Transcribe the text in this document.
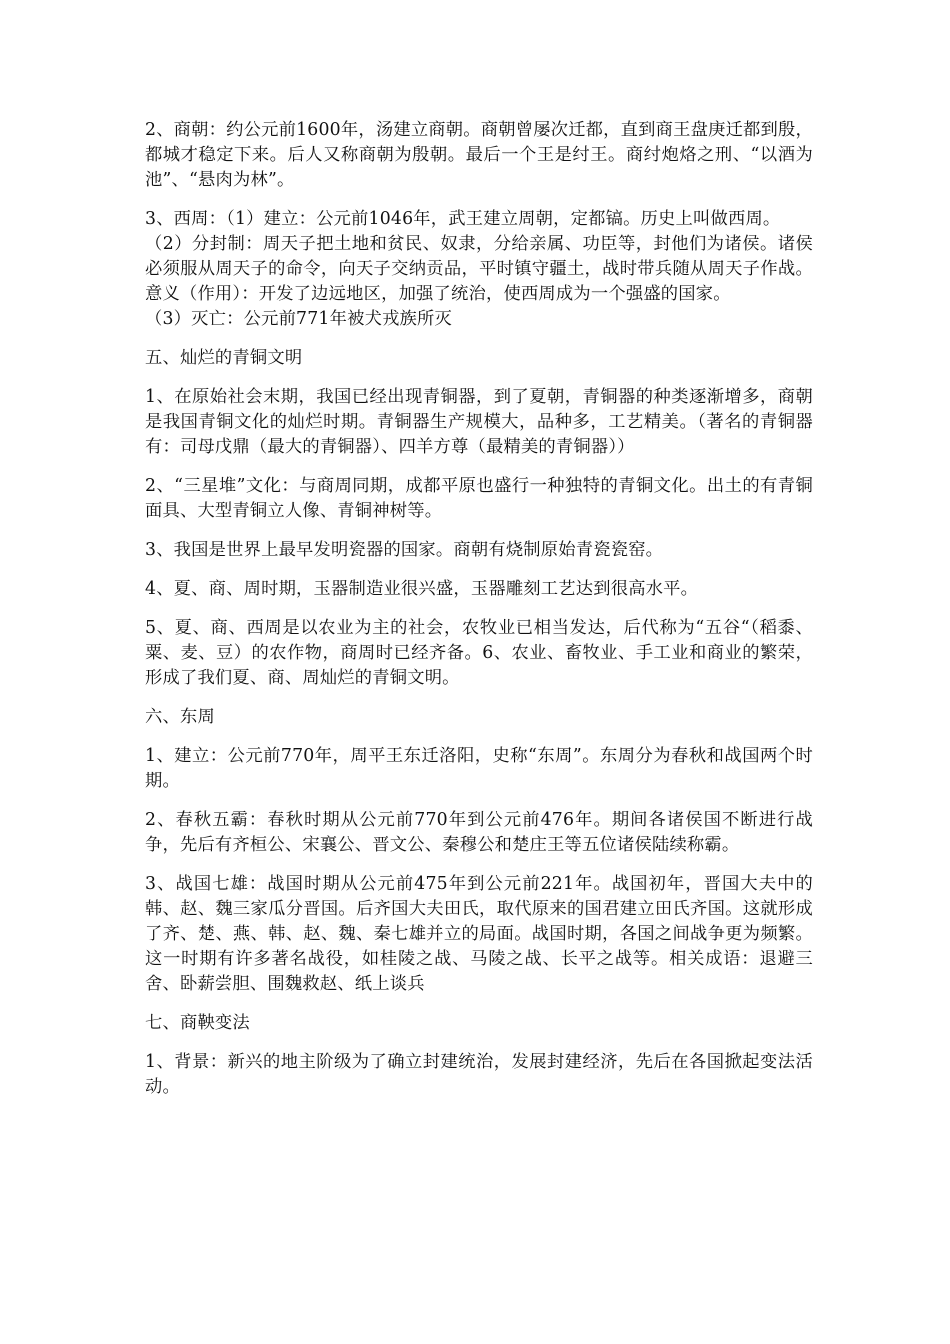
2、商朝：约公元前1600年，汤建立商朝。商朝曾屡次迁都，直到商王盘庚迁都到殷，都城才稳定下来。后人又称商朝为殷朝。最后一个王是纣王。商纣炮烙之刑、“以酒为池”、“悬肉为林”。

3、西周：（1）建立：公元前1046年，武王建立周朝，定都镐。历史上叫做西周。
（2）分封制：周天子把土地和贫民、奴隶，分给亲属、功臣等，封他们为诸侯。诸侯必须服从周天子的命令，向天子交纳贡品，平时镇守疆土，战时带兵随从周天子作战。意义（作用）：开发了边远地区，加强了统治，使西周成为一个强盛的国家。
（3）灭亡：公元前771年被犬戎族所灭

五、灿烂的青铜文明

1、在原始社会末期，我国已经出现青铜器，到了夏朝，青铜器的种类逐渐增多，商朝是我国青铜文化的灿烂时期。青铜器生产规模大，品种多，工艺精美。（著名的青铜器有：司母戊鼎（最大的青铜器）、四羊方尊（最精美的青铜器））

2、“三星堆”文化：与商周同期，成都平原也盛行一种独特的青铜文化。出土的有青铜面具、大型青铜立人像、青铜神树等。

3、我国是世界上最早发明瓷器的国家。商朝有烧制原始青瓷瓷窑。

4、夏、商、周时期，玉器制造业很兴盛，玉器雕刻工艺达到很高水平。

5、夏、商、西周是以农业为主的社会，农牧业已相当发达，后代称为“五谷“（稻黍、粟、麦、豆）的农作物，商周时已经齐备。6、农业、畜牧业、手工业和商业的繁荣，形成了我们夏、商、周灿烂的青铜文明。

六、东周

1、建立：公元前770年，周平王东迁洛阳，史称“东周”。东周分为春秋和战国两个时期。

2、春秋五霸：春秋时期从公元前770年到公元前476年。期间各诸侯国不断进行战争，先后有齐桓公、宋襄公、晋文公、秦穆公和楚庄王等五位诸侯陆续称霸。

3、战国七雄：战国时期从公元前475年到公元前221年。战国初年，晋国大夫中的韩、赵、魏三家瓜分晋国。后齐国大夫田氏，取代原来的国君建立田氏齐国。这就形成了齐、楚、燕、韩、赵、魏、秦七雄并立的局面。战国时期，各国之间战争更为频繁。这一时期有许多著名战役，如桂陵之战、马陵之战、长平之战等。相关成语：退避三舍、卧薪尝胆、围魏救赵、纸上谈兵

七、商鞅变法

1、背景：新兴的地主阶级为了确立封建统治，发展封建经济，先后在各国掀起变法活动。
